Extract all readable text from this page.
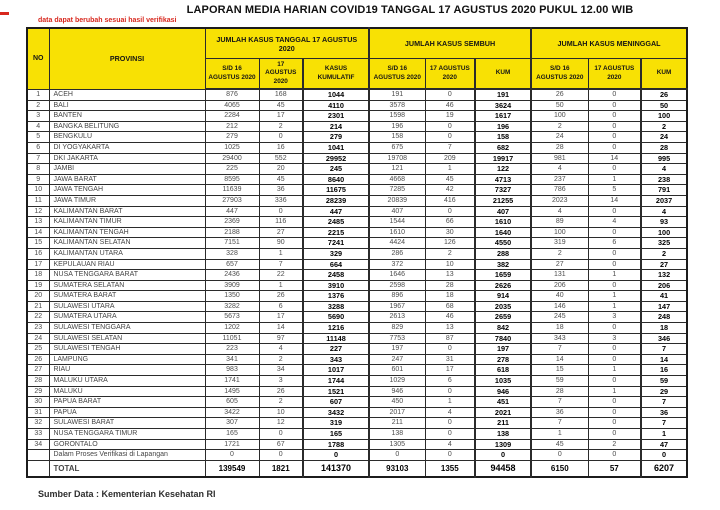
LAPORAN MEDIA HARIAN COVID19 TANGGAL 17 AGUSTUS 2020 PUKUL 12.00 WIB
data dapat berubah sesuai hasil verifikasi
NO	PROVINSI	JUMLAH KASUS TANGGAL 17 AGUSTUS 2020			JUMLAH KASUS SEMBUH			JUMLAH KASUS MENINGGAL		
		S/D 16 AGUSTUS 2020	17 AGUSTUS 2020	KASUS KUMULATIF	S/D 16 AGUSTUS 2020	17 AGUSTUS 2020	KUM	S/D 16 AGUSTUS 2020	17 AGUSTUS 2020	KUM
1	ACEH	876	168	1044	191	0	191	26	0	26
2	BALI	4065	45	4110	3578	46	3624	50	0	50
3	BANTEN	2284	17	2301	1598	19	1617	100	0	100
4	BANGKA BELITUNG	212	2	214	196	0	196	2	0	2
5	BENGKULU	279	0	279	158	0	158	24	0	24
6	DI YOGYAKARTA	1025	16	1041	675	7	682	28	0	28
7	DKI JAKARTA	29400	552	29952	19708	209	19917	981	14	995
8	JAMBI	225	20	245	121	1	122	4	0	4
9	JAWA BARAT	8595	45	8640	4668	45	4713	237	1	238
10	JAWA TENGAH	11639	36	11675	7285	42	7327	786	5	791
11	JAWA TIMUR	27903	336	28239	20839	416	21255	2023	14	2037
12	KALIMANTAN BARAT	447	0	447	407	0	407	4	0	4
13	KALIMANTAN TIMUR	2369	116	2485	1544	66	1610	89	4	93
14	KALIMANTAN TENGAH	2188	27	2215	1610	30	1640	100	0	100
15	KALIMANTAN SELATAN	7151	90	7241	4424	126	4550	319	6	325
16	KALIMANTAN UTARA	328	1	329	286	2	288	2	0	2
17	KEPULAUAN RIAU	657	7	664	372	10	382	27	0	27
18	NUSA TENGGARA BARAT	2436	22	2458	1646	13	1659	131	1	132
19	SUMATERA SELATAN	3909	1	3910	2598	28	2626	206	0	206
20	SUMATERA BARAT	1350	26	1376	896	18	914	40	1	41
21	SULAWESI UTARA	3282	6	3288	1967	68	2035	146	1	147
22	SUMATERA UTARA	5673	17	5690	2613	46	2659	245	3	248
23	SULAWESI TENGGARA	1202	14	1216	829	13	842	18	0	18
24	SULAWESI SELATAN	11051	97	11148	7753	87	7840	343	3	346
25	SULAWESI TENGAH	223	4	227	197	0	197	7	0	7
26	LAMPUNG	341	2	343	247	31	278	14	0	14
27	RIAU	983	34	1017	601	17	618	15	1	16
28	MALUKU UTARA	1741	3	1744	1029	6	1035	59	0	59
29	MALUKU	1495	26	1521	946	0	946	28	1	29
30	PAPUA BARAT	605	2	607	450	1	451	7	0	7
31	PAPUA	3422	10	3432	2017	4	2021	36	0	36
32	SULAWESI BARAT	307	12	319	211	0	211	7	0	7
33	NUSA TENGGARA TIMUR	165	0	165	138	0	138	1	0	1
34	GORONTALO	1721	67	1788	1305	4	1309	45	2	47
	Dalam Proses Verifikasi di Lapangan	0	0	0	0	0	0	0	0	0
	TOTAL	139549	1821	141370	93103	1355	94458	6150	57	6207
Sumber Data : Kementerian Kesehatan RI
